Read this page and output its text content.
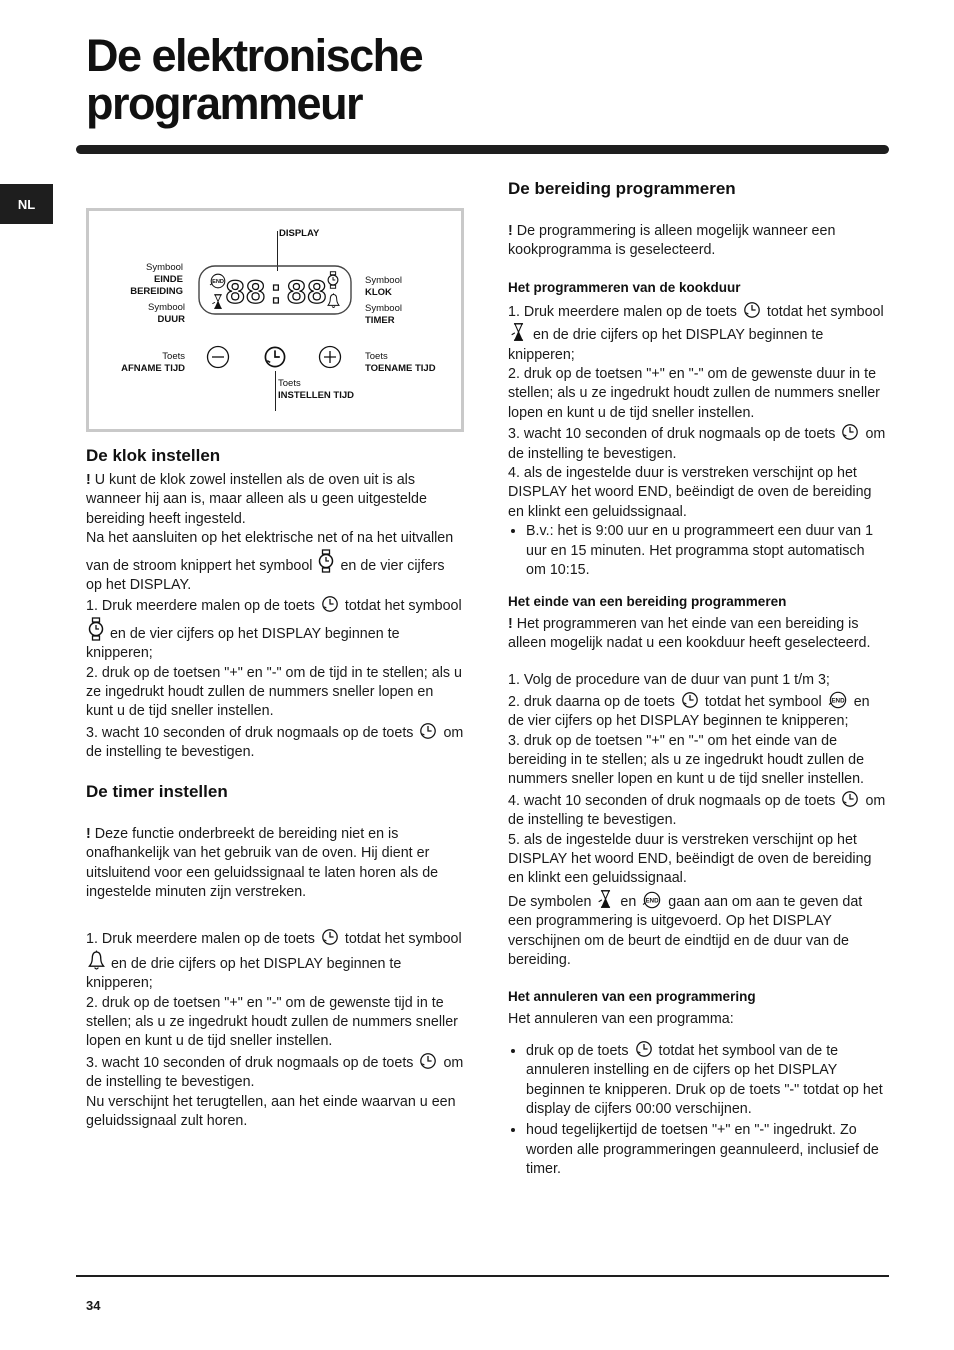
De elektronische
programmeur
NL
DISPLAY
Symbool
EINDE
BEREIDING
Symbool
DUUR
88:88	Symbool
KLOK
Symbool
TIMER
Toets
AFNAME TIJD
Toets
TOENAME TIJD
Toets
INSTELLEN TIJD
De klok instellen

! U kunt de klok zowel instellen als de oven uit is als wanneer hij aan is, maar alleen als u geen uitgestelde bereiding heeft ingesteld.
Na het aansluiten op het elektrische net of na het uitvallen van de stroom knippert het symbool en de vier cijfers op het DISPLAY.

1. Druk meerdere malen op de toets totdat het symbool  en de vier cijfers op het DISPLAY beginnen te knipperen;

2. druk op de toetsen "+" en "-" om de tijd in te stellen; als u ze ingedrukt houdt zullen de nummers sneller lopen en kunt u de tijd sneller instellen.

3. wacht 10 seconden of druk nogmaals op de toets om de instelling te bevestigen.

De timer instellen

! Deze functie onderbreekt de bereiding niet en is onafhankelijk van het gebruik van de oven. Hij dient er uitsluitend voor een geluidssignaal te laten horen als de ingestelde minuten zijn verstreken.

1. Druk meerdere malen op de toets totdat het symbool  en de drie cijfers op het DISPLAY beginnen te knipperen;

2. druk op de toetsen "+" en "-" om de gewenste tijd in te stellen; als u ze ingedrukt houdt zullen de nummers sneller lopen en kunt u de tijd sneller instellen.

3. wacht 10 seconden of druk nogmaals op de toets om de instelling te bevestigen.

Nu verschijnt het terugtellen, aan het einde waarvan u een geluidssignaal zult horen.

De bereiding programmeren

! De programmering is alleen mogelijk wanneer een kookprogramma is geselecteerd.

Het programmeren van de kookduur

1. Druk meerdere malen op de toets totdat het symbool  en de drie cijfers op het DISPLAY beginnen te knipperen;

2. druk op de toetsen "+" en "-" om de gewenste duur in te stellen; als u ze ingedrukt houdt zullen de nummers sneller lopen en kunt u de tijd sneller instellen.

3. wacht 10 seconden of druk nogmaals op de toets om de instelling te bevestigen.

4. als de ingestelde duur is verstreken verschijnt op het DISPLAY het woord END, beëindigt de oven de bereiding en klinkt een geluidssignaal.

• B.v.: het is 9:00 uur en u programmeert een duur van 1 uur en 15 minuten. Het programma stopt automatisch om 10:15.
Het einde van een bereiding programmeren

! Het programmeren van het einde van een bereiding is alleen mogelijk nadat u een kookduur heeft geselecteerd.

1. Volg de procedure van de duur van punt 1 t/m 3;

2. druk daarna op de toets totdat het symbool en de vier cijfers op het DISPLAY beginnen te knipperen;

3. druk op de toetsen "+" en "-" om het einde van de bereiding in te stellen; als u ze ingedrukt houdt zullen de nummers sneller lopen en kunt u de tijd sneller instellen.

4. wacht 10 seconden of druk nogmaals op de toets om de instelling te bevestigen.

5. als de ingestelde duur is verstreken verschijnt op het DISPLAY het woord END, beëindigt de oven de bereiding en klinkt een geluidssignaal.

De symbolen en gaan aan om aan te geven dat een programmering is uitgevoerd. Op het DISPLAY verschijnen om de beurt de eindtijd en de duur van de bereiding.

Het annuleren van een programmering

Het annuleren van een programma:

• druk op de toets totdat het symbool van de te annuleren instelling en de cijfers op het DISPLAY beginnen te knipperen. Druk op de toets "-" totdat op het display de cijfers 00:00 verschijnen.
• houd tegelijkertijd de toetsen "+" en "-" ingedrukt. Zo worden alle programmeringen geannuleerd, inclusief de timer.
34
